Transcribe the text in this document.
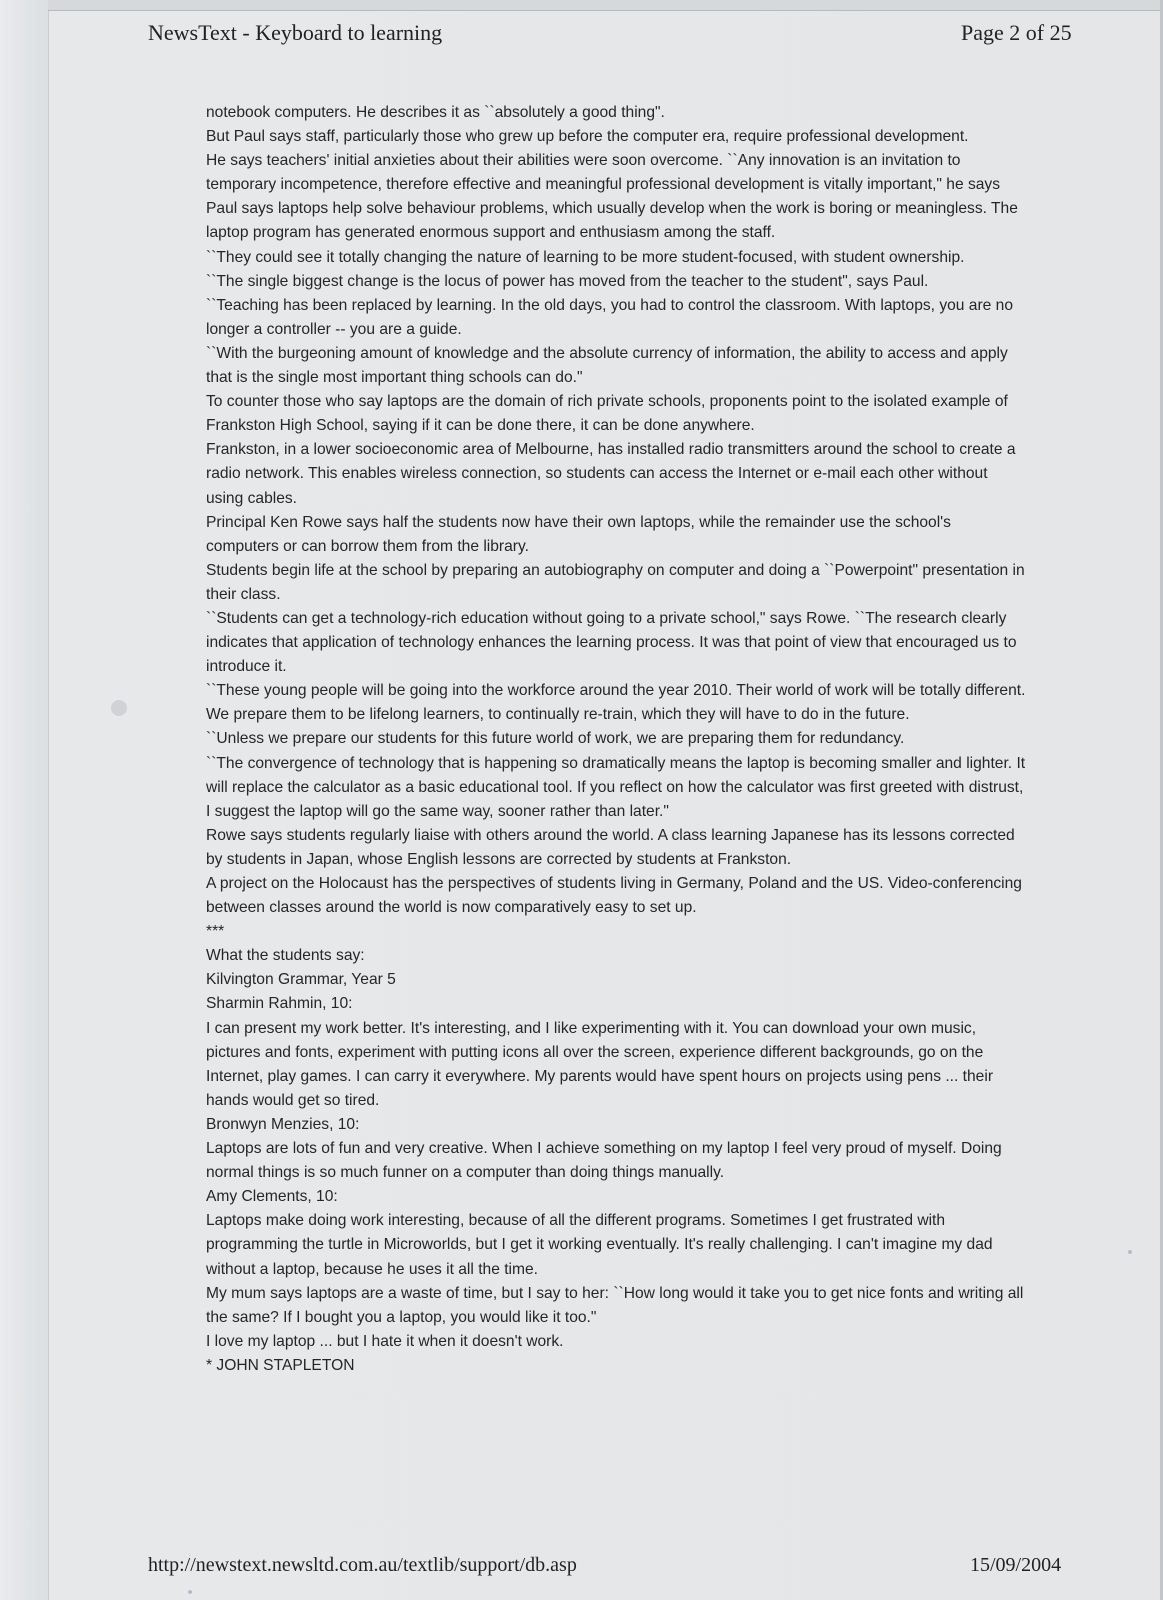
NewsText - Keyboard to learning	Page 2 of 25

notebook computers. He describes it as ``absolutely a good thing".

But Paul says staff, particularly those who grew up before the computer era, require professional development.

He says teachers' initial anxieties about their abilities were soon overcome. ``Any innovation is an invitation to temporary incompetence, therefore effective and meaningful professional development is vitally important," he says

Paul says laptops help solve behaviour problems, which usually develop when the work is boring or meaningless. The laptop program has generated enormous support and enthusiasm among the staff.

``They could see it totally changing the nature of learning to be more student-focused, with student ownership.

``The single biggest change is the locus of power has moved from the teacher to the student", says Paul.

``Teaching has been replaced by learning. In the old days, you had to control the classroom. With laptops, you are no longer a controller -- you are a guide.

``With the burgeoning amount of knowledge and the absolute currency of information, the ability to access and apply that is the single most important thing schools can do."

To counter those who say laptops are the domain of rich private schools, proponents point to the isolated example of Frankston High School, saying if it can be done there, it can be done anywhere.

Frankston, in a lower socioeconomic area of Melbourne, has installed radio transmitters around the school to create a radio network. This enables wireless connection, so students can access the Internet or e-mail each other without using cables.

Principal Ken Rowe says half the students now have their own laptops, while the remainder use the school's computers or can borrow them from the library.

Students begin life at the school by preparing an autobiography on computer and doing a ``Powerpoint" presentation in their class.

``Students can get a technology-rich education without going to a private school," says Rowe. ``The research clearly indicates that application of technology enhances the learning process. It was that point of view that encouraged us to introduce it.

``These young people will be going into the workforce around the year 2010. Their world of work will be totally different. We prepare them to be lifelong learners, to continually re-train, which they will have to do in the future.

``Unless we prepare our students for this future world of work, we are preparing them for redundancy.

``The convergence of technology that is happening so dramatically means the laptop is becoming smaller and lighter. It will replace the calculator as a basic educational tool. If you reflect on how the calculator was first greeted with distrust, I suggest the laptop will go the same way, sooner rather than later."

Rowe says students regularly liaise with others around the world. A class learning Japanese has its lessons corrected by students in Japan, whose English lessons are corrected by students at Frankston.

A project on the Holocaust has the perspectives of students living in Germany, Poland and the US. Video-conferencing between classes around the world is now comparatively easy to set up.

***

What the students say:

Kilvington Grammar, Year 5

Sharmin Rahmin, 10:

I can present my work better. It's interesting, and I like experimenting with it. You can download your own music, pictures and fonts, experiment with putting icons all over the screen, experience different backgrounds, go on the Internet, play games. I can carry it everywhere. My parents would have spent hours on projects using pens ... their hands would get so tired.

Bronwyn Menzies, 10:

Laptops are lots of fun and very creative. When I achieve something on my laptop I feel very proud of myself. Doing normal things is so much funner on a computer than doing things manually.

Amy Clements, 10:

Laptops make doing work interesting, because of all the different programs. Sometimes I get frustrated with programming the turtle in Microworlds, but I get it working eventually. It's really challenging. I can't imagine my dad without a laptop, because he uses it all the time.

My mum says laptops are a waste of time, but I say to her: ``How long would it take you to get nice fonts and writing all the same? If I bought you a laptop, you would like it too."

I love my laptop ... but I hate it when it doesn't work.

* JOHN STAPLETON

http://newstext.newsltd.com.au/textlib/support/db.asp	15/09/2004
